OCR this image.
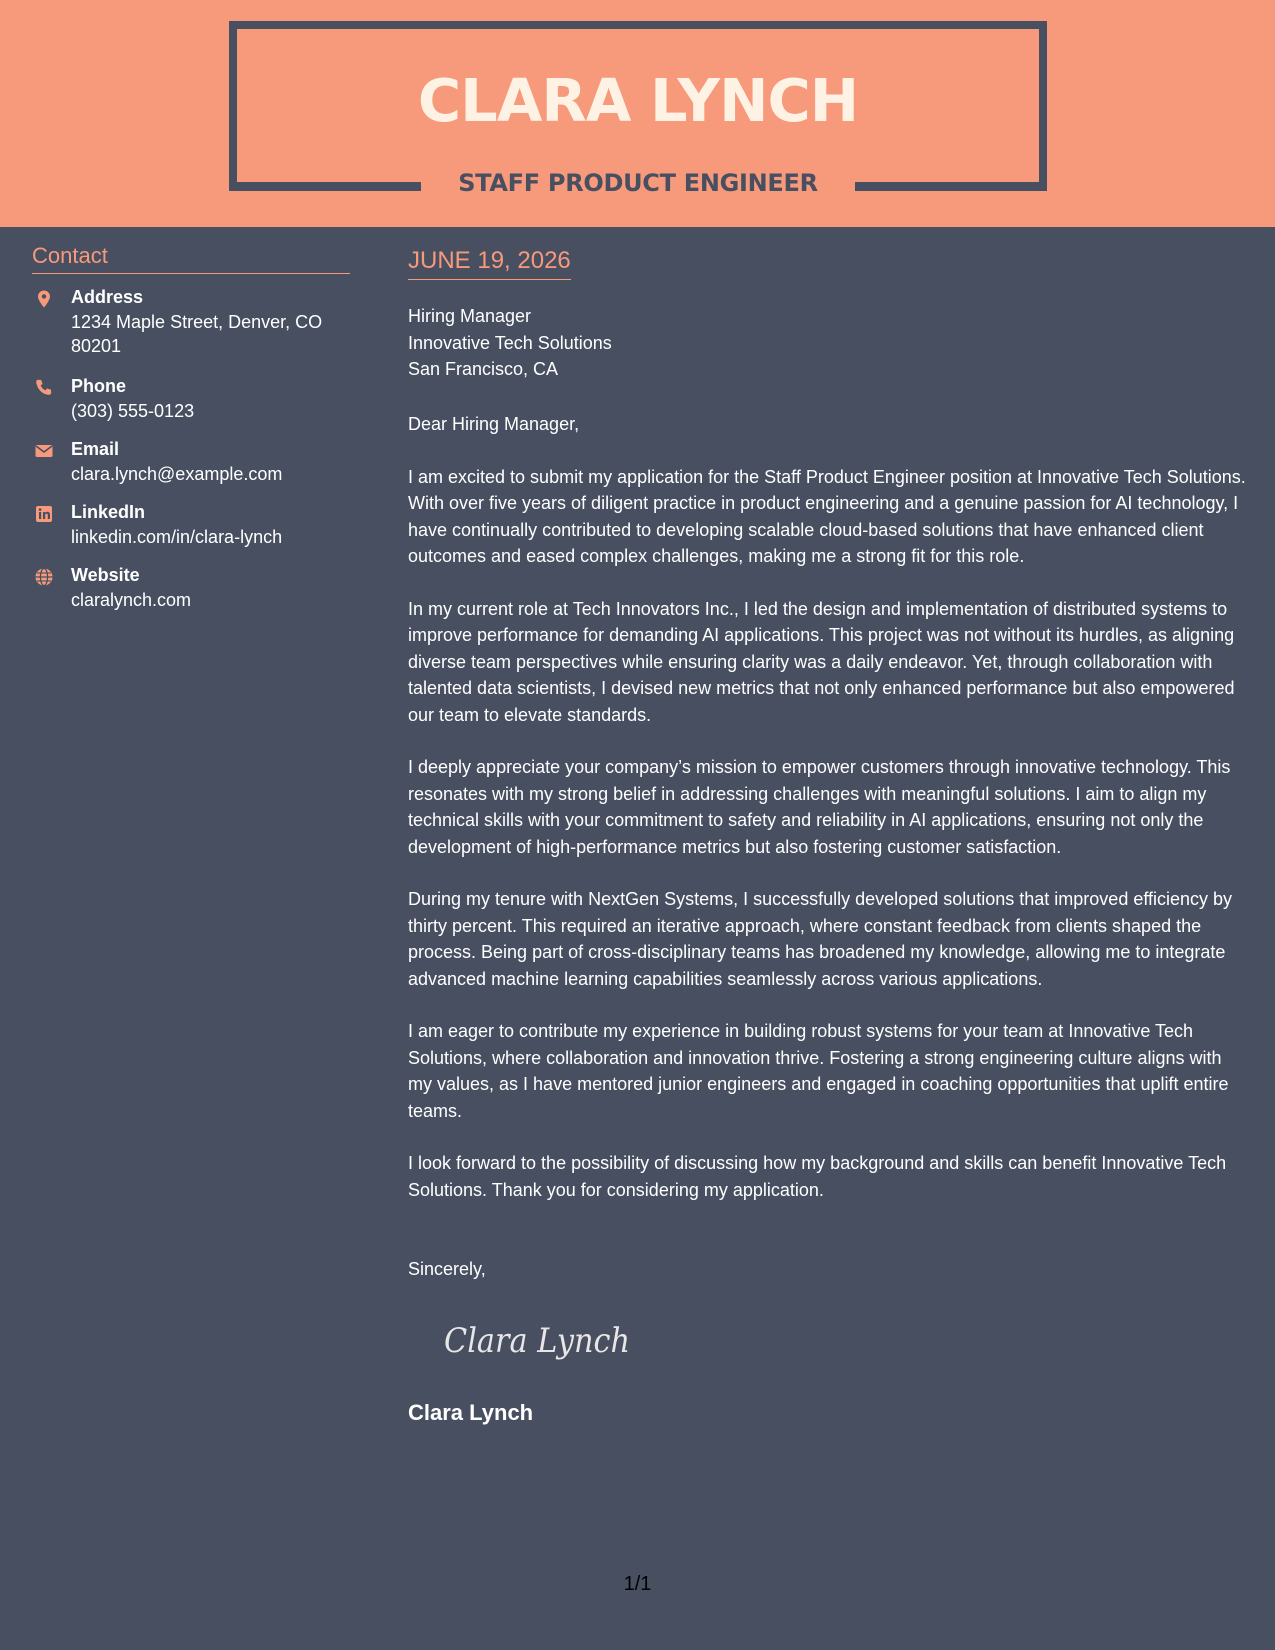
CLARA LYNCH
STAFF PRODUCT ENGINEER
Contact
Address
1234 Maple Street, Denver, CO 80201
Phone
(303) 555-0123
Email
clara.lynch@example.com
LinkedIn
linkedin.com/in/clara-lynch
Website
claralynch.com
JUNE 19, 2026
Hiring Manager
Innovative Tech Solutions
San Francisco, CA
Dear Hiring Manager,

I am excited to submit my application for the Staff Product Engineer position at Innovative Tech Solutions. With over five years of diligent practice in product engineering and a genuine passion for AI technology, I have continually contributed to developing scalable cloud-based solutions that have enhanced client outcomes and eased complex challenges, making me a strong fit for this role.

In my current role at Tech Innovators Inc., I led the design and implementation of distributed systems to improve performance for demanding AI applications. This project was not without its hurdles, as aligning diverse team perspectives while ensuring clarity was a daily endeavor. Yet, through collaboration with talented data scientists, I devised new metrics that not only enhanced performance but also empowered our team to elevate standards.

I deeply appreciate your company’s mission to empower customers through innovative technology. This resonates with my strong belief in addressing challenges with meaningful solutions. I aim to align my technical skills with your commitment to safety and reliability in AI applications, ensuring not only the development of high-performance metrics but also fostering customer satisfaction.

During my tenure with NextGen Systems, I successfully developed solutions that improved efficiency by thirty percent. This required an iterative approach, where constant feedback from clients shaped the process. Being part of cross-disciplinary teams has broadened my knowledge, allowing me to integrate advanced machine learning capabilities seamlessly across various applications.

I am eager to contribute my experience in building robust systems for your team at Innovative Tech Solutions, where collaboration and innovation thrive. Fostering a strong engineering culture aligns with my values, as I have mentored junior engineers and engaged in coaching opportunities that uplift entire teams.

I look forward to the possibility of discussing how my background and skills can benefit Innovative Tech Solutions. Thank you for considering my application.

Sincerely,
Clara Lynch
Clara Lynch
1/1
